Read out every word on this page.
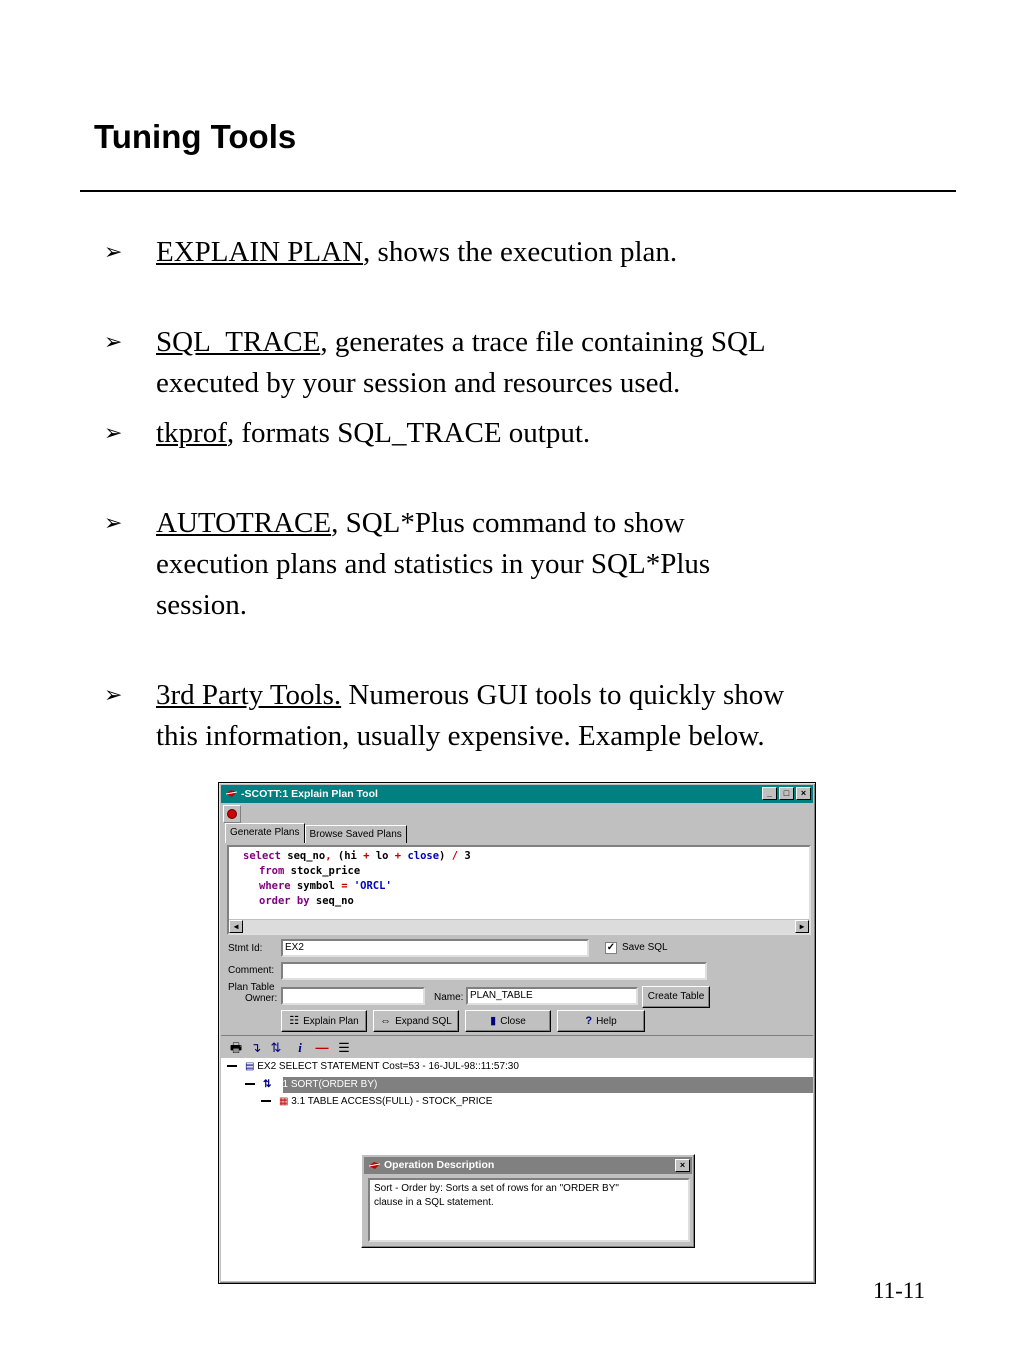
Tuning Tools
➢ EXPLAIN PLAN, shows the execution plan.
➢ SQL_TRACE, generates a trace file containing SQL
executed by your session and resources used.
➢ tkprof, formats SQL_TRACE output.
➢ AUTOTRACE, SQL*Plus command to show
execution plans and statistics in your SQL*Plus
session.
➢ 3rd Party Tools. Numerous GUI tools to quickly show
this information, usually expensive. Example below.
-SCOTT:1 Explain Plan Tool	_	□	×
Generate Plans	Browse Saved Plans
select seq_no, (hi + lo + close) / 3
from stock_price
where symbol = 'ORCL'
order by seq_no
◀	▶
Stmt Id:	EX2	✓ Save SQL
Comment:
Plan Table
Owner:	Name: PLAN_TABLE	Create Table
☷ Explain Plan	⇔ Expand SQL	▮ Close	? Help
🖶 ↴ ⇅	i	— ☰
▤ EX2 SELECT STATEMENT Cost=53 - 16-JUL-98::11:57:30
⇅ 2.1 SORT(ORDER BY)
▦ 3.1 TABLE ACCESS(FULL) - STOCK_PRICE
Operation Description	×
Sort - Order by: Sorts a set of rows for an "ORDER BY"
clause in a SQL statement.
11-11
